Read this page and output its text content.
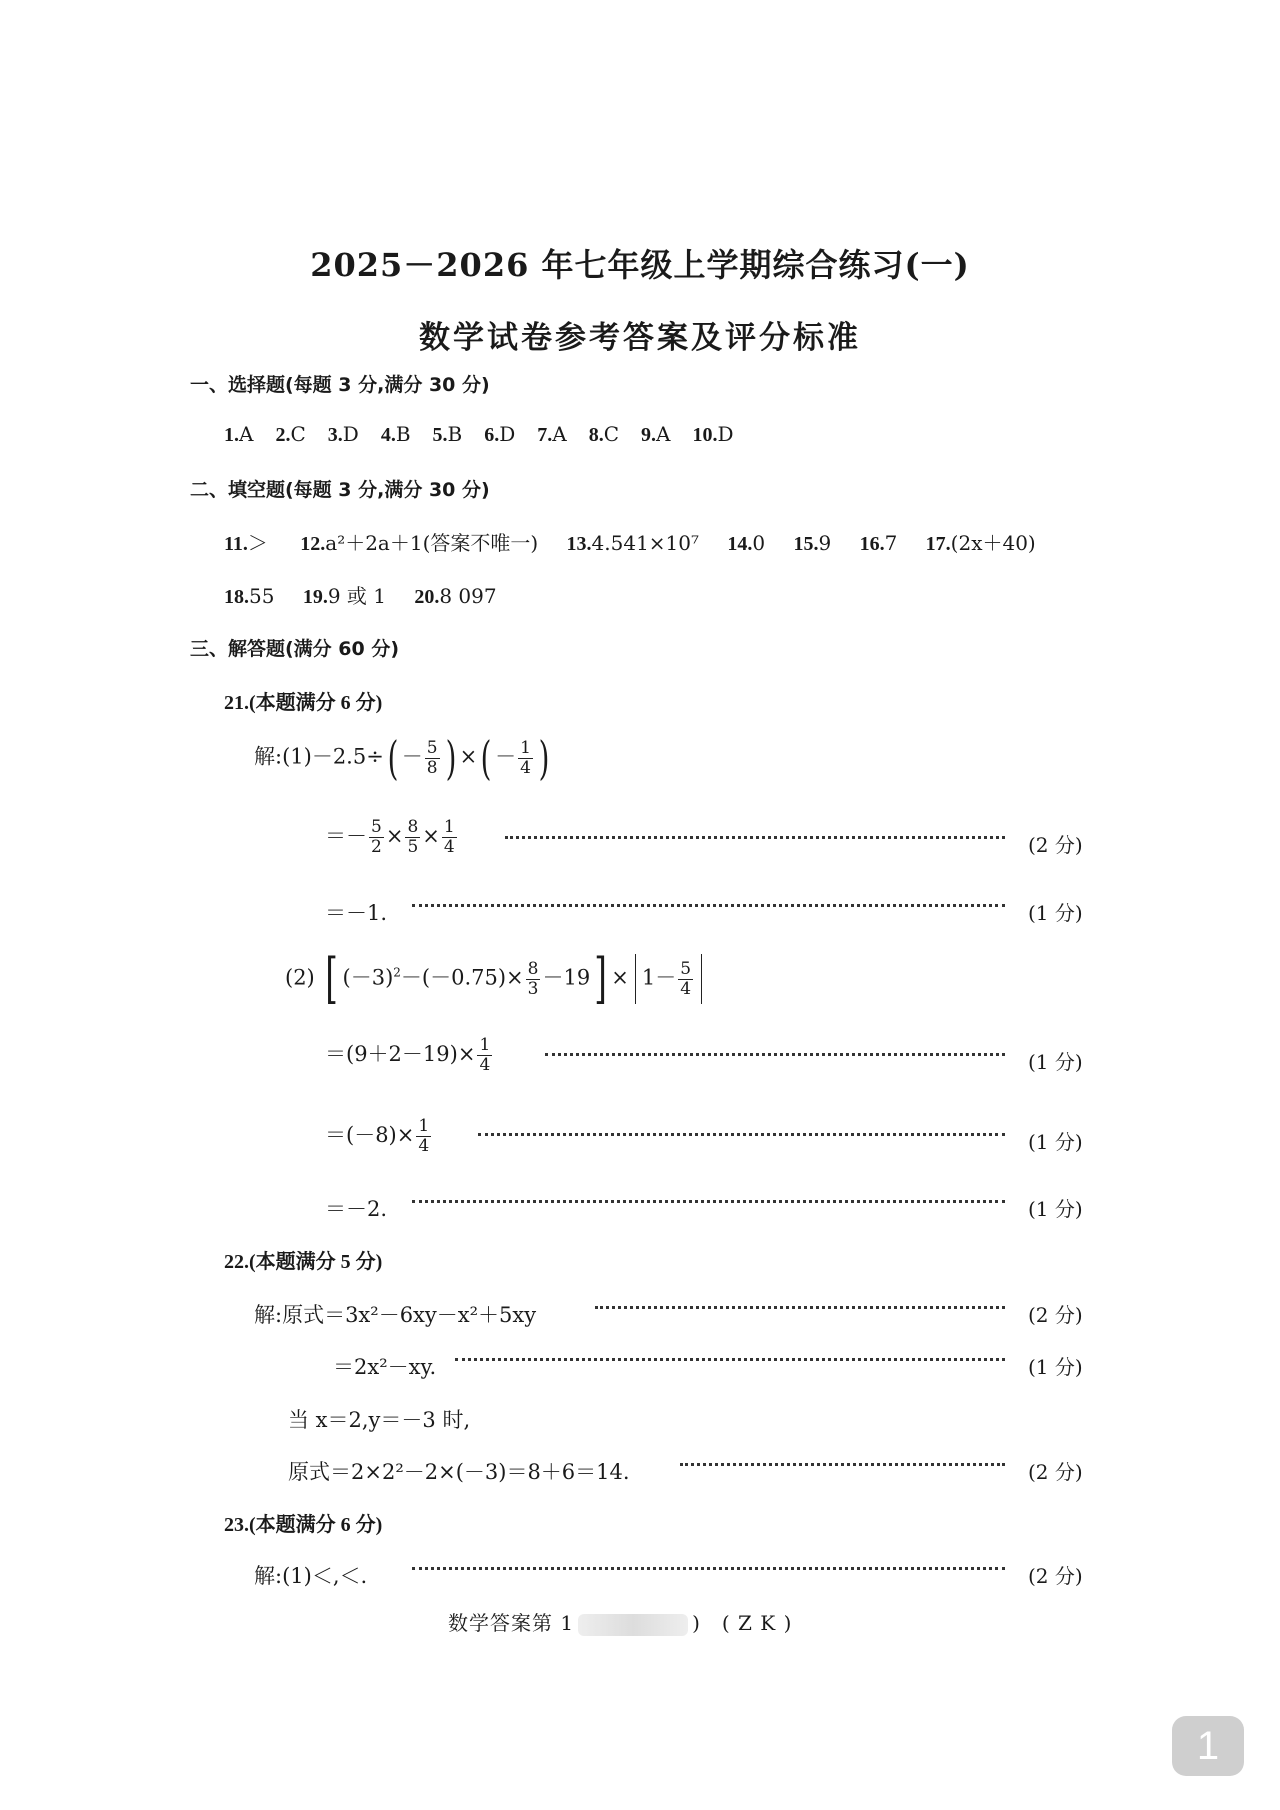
2025－2026 年七年级上学期综合练习(一)
数学试卷参考答案及评分标准
一、选择题(每题 3 分,满分 30 分)
1.A 2.C 3.D 4.B 5.B 6.D 7.A 8.C 9.A 10.D
二、填空题(每题 3 分,满分 30 分)
11.＞ 12.a²＋2a＋1(答案不唯一) 13.4.541×10⁷ 14.0 15.9 16.7 17.(2x＋40)
18.55 19.9 或 1 20.8 097
三、解答题(满分 60 分)
21.(本题满分 6 分)
解:(1)－2.5÷( － $\frac{5}{8}$ ) ×( － $\frac{1}{4}$ )
＝－ $\frac{5}{2} \times \frac{8}{5} \times \frac{1}{4}$	(2 分)
＝－1.	(1 分)
(2) [ $(-3)^2-(-0.75)\times \frac{8}{3} -19] \times 1- \frac{5}{4}$
$=(9+2-19)\times \frac{1}{4}$	(1 分)
$=(-8)\times \frac{1}{4}$	(1 分)
＝－2.	(1 分)
22.(本题满分 5 分)
解:原式＝3x²－6xy－x²＋5xy	(2 分)
＝2x²－xy.	(1 分)
当 x＝2,y＝－3 时,
原式＝2×2²－2×(－3)＝8＋6＝14.	(2 分)
23.(本题满分 6 分)
解:(1)＜,＜.	(2 分)
数学答案第 1	)　( Z K )
1
